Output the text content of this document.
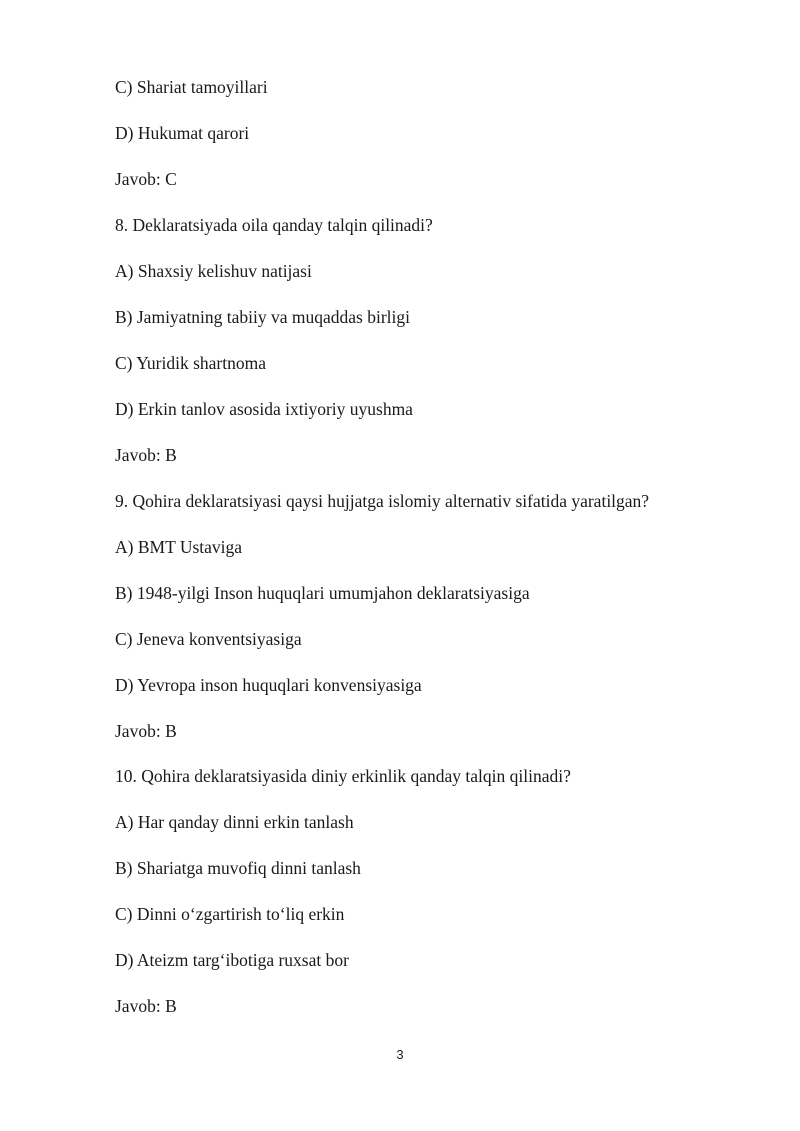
C) Shariat tamoyillari
D) Hukumat qarori
Javob: C
8. Deklaratsiyada oila qanday talqin qilinadi?
A) Shaxsiy kelishuv natijasi
B) Jamiyatning tabiiy va muqaddas birligi
C) Yuridik shartnoma
D) Erkin tanlov asosida ixtiyoriy uyushma
Javob: B
9. Qohira deklaratsiyasi qaysi hujjatga islomiy alternativ sifatida yaratilgan?
A) BMT Ustaviga
B) 1948-yilgi Inson huquqlari umumjahon deklaratsiyasiga
C) Jeneva konventsiyasiga
D) Yevropa inson huquqlari konvensiyasiga
Javob: B
10. Qohira deklaratsiyasida diniy erkinlik qanday talqin qilinadi?
A) Har qanday dinni erkin tanlash
B) Shariatga muvofiq dinni tanlash
C) Dinni o‘zgartirish to‘liq erkin
D) Ateizm targ‘ibotiga ruxsat bor
Javob: B
3
